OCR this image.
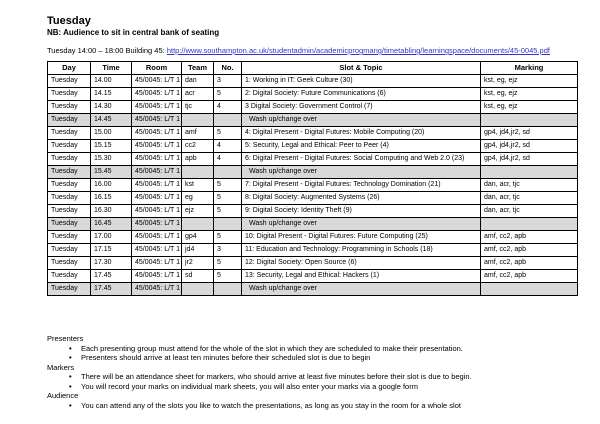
Tuesday
NB: Audience to sit in central bank of seating
Tuesday 14:00 – 18:00 Building 45: http://www.southampton.ac.uk/studentadmin/academicprogmang/timetabling/learningspace/documents/45-0045.pdf
Day	Time	Room	Team	No.	Slot & Topic	Marking
Tuesday	14.00	45/0045: L/T 1	dan	3	1: Working in IT: Geek Culture (30)	kst, eg, ejz
Tuesday	14.15	45/0045: L/T 1	acr	5	2: Digital Society: Future Communications (6)	kst, eg, ejz
Tuesday	14.30	45/0045: L/T 1	tjc	4	3 Digital Society: Government Control (7)	kst, eg, ejz
Tuesday	14.45	45/0045: L/T 1			Wash up/change over	
Tuesday	15.00	45/0045: L/T 1	amf	5	4: Digital Present - Digital Futures: Mobile Computing (20)	gp4, jd4,jr2, sd
Tuesday	15.15	45/0045: L/T 1	cc2	4	5: Security, Legal and Ethical: Peer to Peer (4)	gp4, jd4,jr2, sd
Tuesday	15.30	45/0045: L/T 1	apb	4	6: Digital Present - Digital Futures: Social Computing and Web 2.0 (23)	gp4, jd4,jr2, sd
Tuesday	15.45	45/0045: L/T 1			Wash up/change over	
Tuesday	16.00	45/0045: L/T 1	kst	5	7: Digital Present - Digital Futures: Technology Domination (21)	dan, acr, tjc
Tuesday	16.15	45/0045: L/T 1	eg	5	8: Digital Society: Augmented Systems (26)	dan, acr, tjc
Tuesday	16.30	45/0045: L/T 1	ejz	5	9: Digital Society: Identity Theft (9)	dan, acr, tjc
Tuesday	16.45	45/0045: L/T 1			Wash up/change over	
Tuesday	17.00	45/0045: L/T 1	gp4	5	10: Digital Present - Digital Futures: Future Computing (25)	amf, cc2, apb
Tuesday	17.15	45/0045: L/T 1	jd4	3	11: Education and Technology: Programming in Schools (18)	amf, cc2, apb
Tuesday	17.30	45/0045: L/T 1	jr2	5	12: Digital Society: Open Source (6)	amf, cc2, apb
Tuesday	17.45	45/0045: L/T 1	sd	5	13: Security, Legal and Ethical: Hackers (1)	amf, cc2, apb
Tuesday	17.45	45/0045: L/T 1			Wash up/change over	
Presenters
• Each presenting group must attend for the whole of the slot in which they are scheduled to make their presentation.
• Presenters should arrive at least ten minutes before their scheduled slot is due to begin
Markers
• There will be an attendance sheet for markers, who should arrive at least five minutes before their slot is due to begin.
• You will record your marks on individual mark sheets, you will also enter your marks via a google form
Audience
• You can attend any of the slots you like to watch the presentations, as long as you stay in the room for a whole slot
